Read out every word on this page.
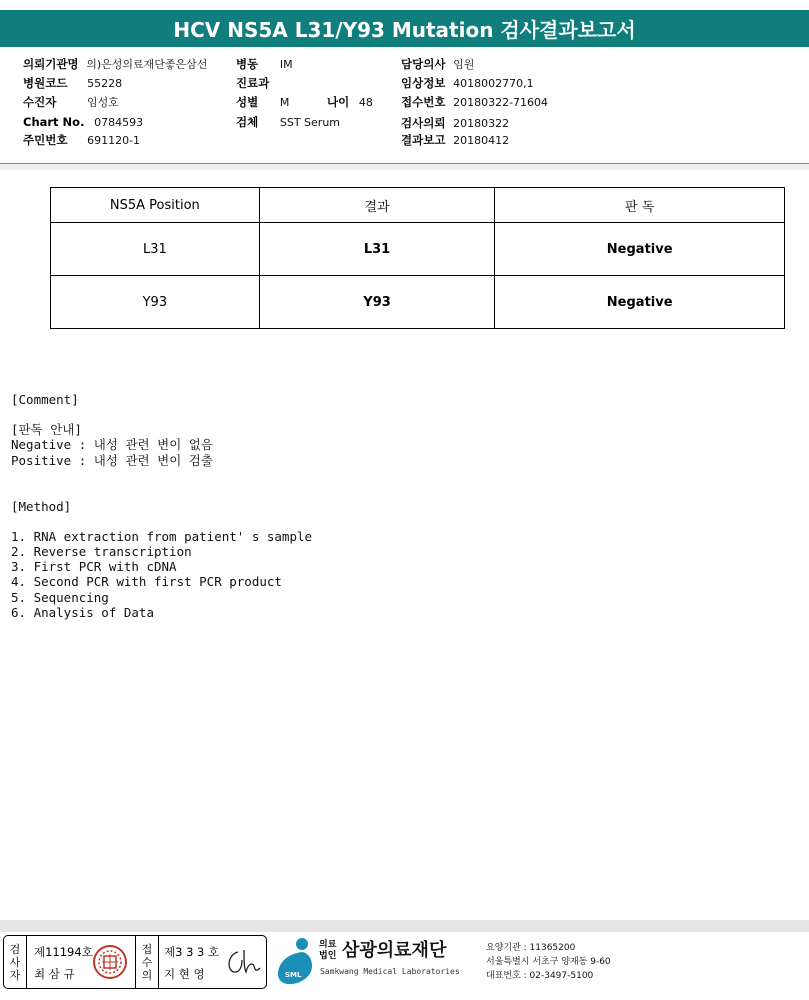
HCV NS5A L31/Y93 Mutation 검사결과보고서
의뢰기관명 의)은성의료재단좋은삼선 병동 IM	담당의사 임원
병원코드 55228	진료과	임상정보 4018002770,1
수진자	임성호	성별 M	나이 48 접수번호 20180322-71604
Chart No. 0784593	검체 SST Serum	검사의뢰 20180322
주민번호 691120-1	결과보고 20180412
NS5A Position	결과	판 독
L31	L31	Negative
Y93	Y93	Negative
[Comment]
[판독 안내]
Negative : 내성 관련 변이 없음
Positive : 내성 관련 변이 검출
[Method]
1. RNA extraction from patient' s sample
2. Reverse transcription
3. First PCR with cDNA
4. Second PCR with first PCR product
5. Sequencing
6. Analysis of Data
검
사
자
제11194호
최 삼 규
접
수
의
제3 3 3 호
지 현 영	SML
의료
법인 삼광의료재단
Samkwang Medical Laboratories
요양기관 : 11365200
서울특별시 서초구 양재동 9-60
대표번호 : 02-3497-5100
